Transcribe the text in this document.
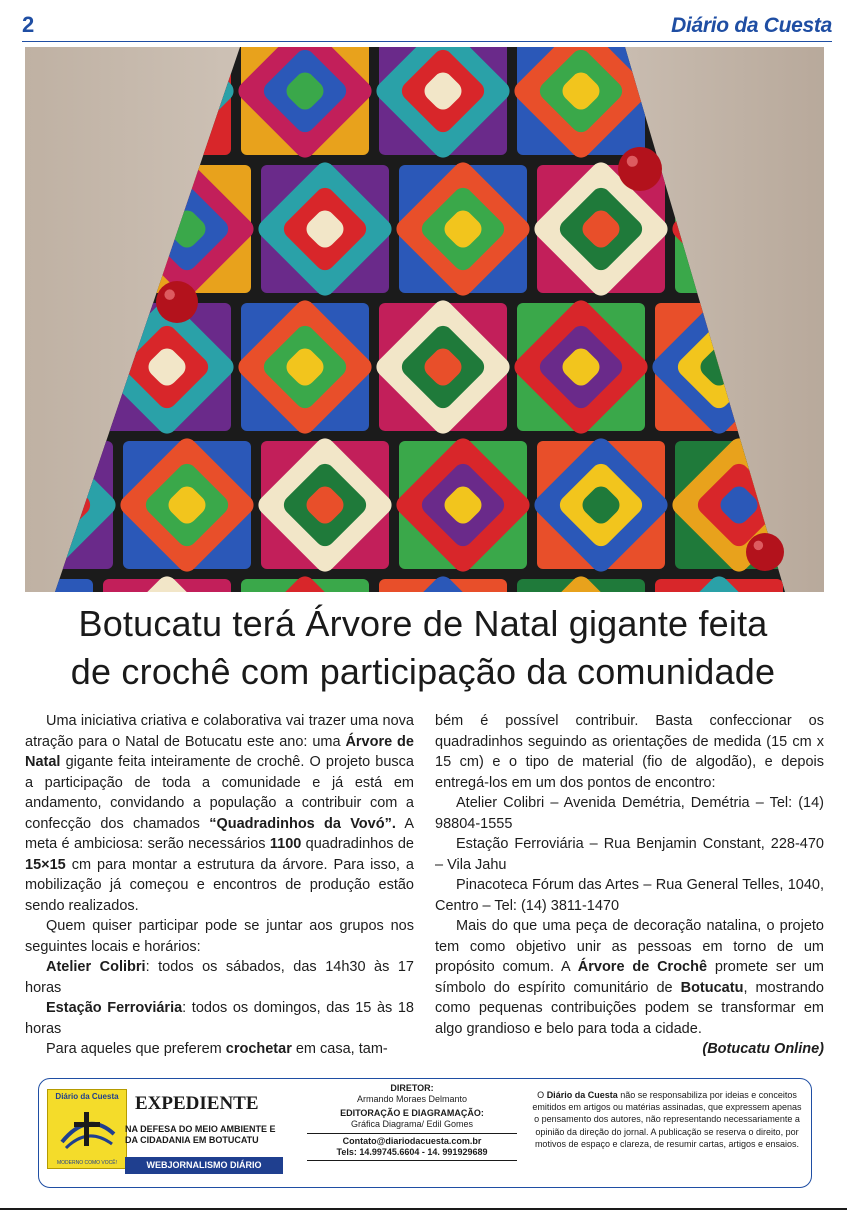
2	Diário da Cuesta
Botucatu terá Árvore de Natal gigante feita
de crochê com participação da comunidade

Uma iniciativa criativa e colaborativa vai trazer uma nova atração para o Natal de Botucatu este ano: uma Árvore de Natal gigante feita inteiramente de crochê. O projeto busca a participação de toda a comunidade e já está em andamento, convidando a população a contribuir com a confecção dos chamados “Quadradinhos da Vovó”. A meta é ambiciosa: serão necessários 1100 quadradinhos de 15×15 cm para montar a estrutura da árvore. Para isso, a mobilização já começou e encontros de produção estão sendo realizados.

Quem quiser participar pode se juntar aos grupos nos seguintes locais e horários:

Atelier Colibri: todos os sábados, das 14h30 às 17 horas

Estação Ferroviária: todos os domingos, das 15 às 18 horas

Para aqueles que preferem crochetar em casa, tam-

bém é possível contribuir. Basta confeccionar os quadradinhos seguindo as orientações de medida (15 cm x 15 cm) e o tipo de material (fio de algodão), e depois entregá-los em um dos pontos de encontro:

Atelier Colibri – Avenida Demétria, Demétria – Tel: (14) 98804-1555

Estação Ferroviária – Rua Benjamin Constant, 228-470 – Vila Jahu

Pinacoteca Fórum das Artes – Rua General Telles, 1040, Centro – Tel: (14) 3811-1470

Mais do que uma peça de decoração natalina, o projeto tem como objetivo unir as pessoas em torno de um propósito comum. A Árvore de Crochê promete ser um símbolo do espírito comunitário de Botucatu, mostrando como pequenas contribuições podem se transformar em algo grandioso e belo para toda a cidade.

(Botucatu Online)

Diário da Cuesta
MODERNO COMO VOCÊ!
EXPEDIENTE
NA DEFESA DO MEIO AMBIENTE E DA CIDADANIA EM BOTUCATU
WEBJORNALISMO DIÁRIO
DIRETOR:
Armando Moraes Delmanto
EDITORAÇÃO E DIAGRAMAÇÃO:
Gráfica Diagrama/ Edil Gomes
Contato@diariodacuesta.com.br
Tels: 14.99745.6604 - 14. 991929689
O Diário da Cuesta não se responsabiliza por ideias e conceitos emitidos em artigos ou matérias assinadas, que expressem apenas o pensamento dos autores, não representando necessariamente a opinião da direção do jornal. A publicação se reserva o direito, por motivos de espaço e clareza, de resumir cartas, artigos e ensaios.
